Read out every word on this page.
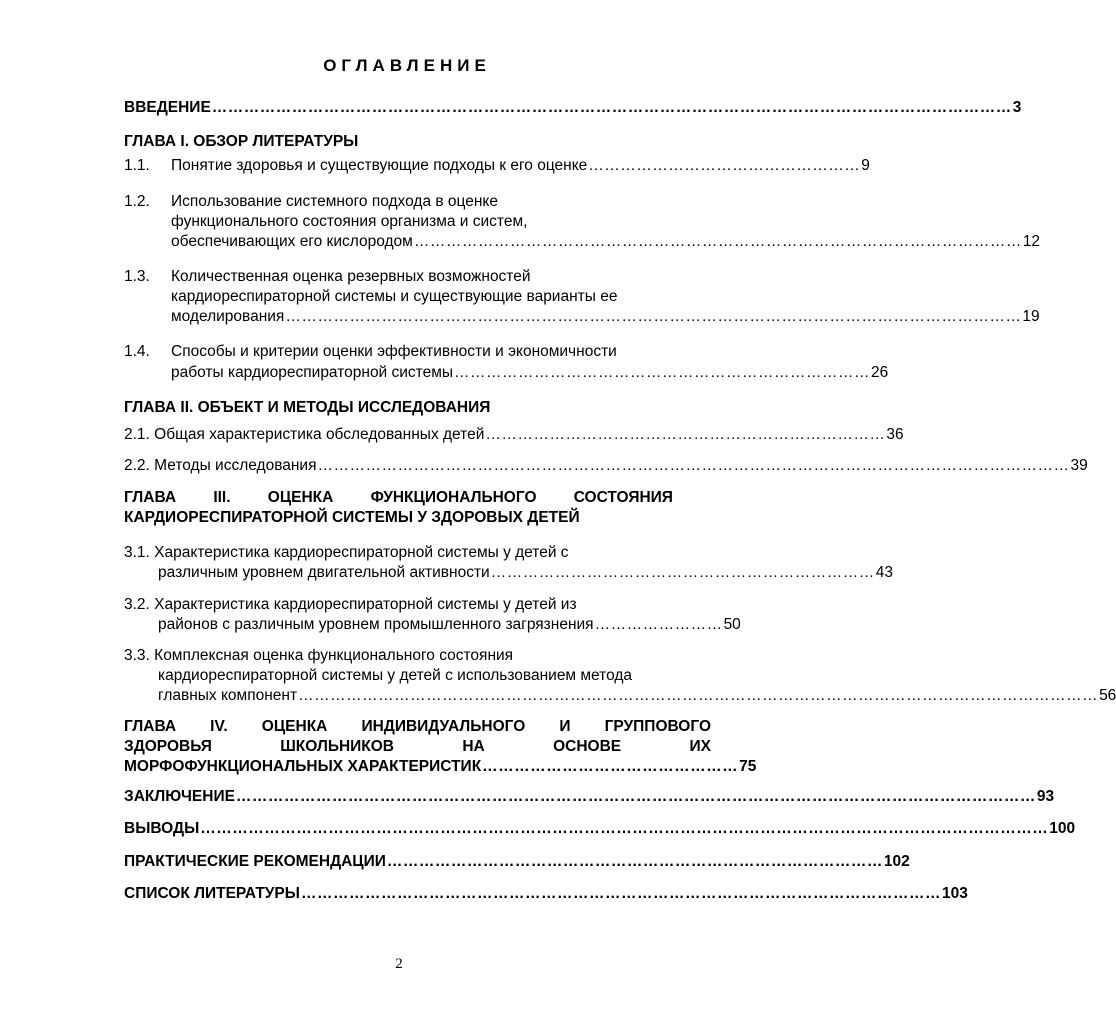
ОГЛАВЛЕНИЕ
ВВЕДЕНИЕ …………………………………………………………………………………………………………………………………… 3
ГЛАВА I. ОБЗОР ЛИТЕРАТУРЫ
1.1. Понятие здоровья и существующие подходы к его оценке …………………………………………… 9
1.2. Использование системного подхода в оценке
функционального состояния организма и систем,
обеспечивающих его кислородом …………………………………………………………………………………………………… 12
1.3. Количественная оценка резервных возможностей
кардиореспираторной системы и существующие варианты ее
моделирования ………………………………………………………………………………………………………………………… 19
1.4. Способы и критерии оценки эффективности и экономичности
работы кардиореспираторной системы …………………………………………………………………… 26
ГЛАВА II. ОБЪЕКТ И МЕТОДЫ ИССЛЕДОВАНИЯ
2.1. Общая характеристика обследованных детей ………………………………………………………………… 36
2.2. Методы исследования …………………………………………………………………………………………………………………………… 39
ГЛАВА III. ОЦЕНКА ФУНКЦИОНАЛЬНОГО СОСТОЯНИЯ
КАРДИОРЕСПИРАТОРНОЙ СИСТЕМЫ У ЗДОРОВЫХ ДЕТЕЙ
3.1. Характеристика кардиореспираторной системы у детей с
различным уровнем двигательной активности ……………………………………………………………… 43
3.2. Характеристика кардиореспираторной системы у детей из
районов с различным уровнем промышленного загрязнения …………………… 50
3.3. Комплексная оценка функционального состояния
кардиореспираторной системы у детей с использованием метода
главных компонент …………………………………………………………………………………………………………………………………… 56
ГЛАВА IV. ОЦЕНКА ИНДИВИДУАЛЬНОГО И ГРУППОВОГО
ЗДОРОВЬЯ	ШКОЛЬНИКОВ	НА	ОСНОВЕ	ИХ
МОРФОФУНКЦИОНАЛЬНЫХ ХАРАКТЕРИСТИК ………………………………………… 75
ЗАКЛЮЧЕНИЕ …………………………………………………………………………………………………………………………………… 93
ВЫВОДЫ …………………………………………………………………………………………………………………………………………… 100
ПРАКТИЧЕСКИЕ РЕКОМЕНДАЦИИ ………………………………………………………………………………… 102
СПИСОК ЛИТЕРАТУРЫ ………………………………………………………………………………………………………… 103
2
